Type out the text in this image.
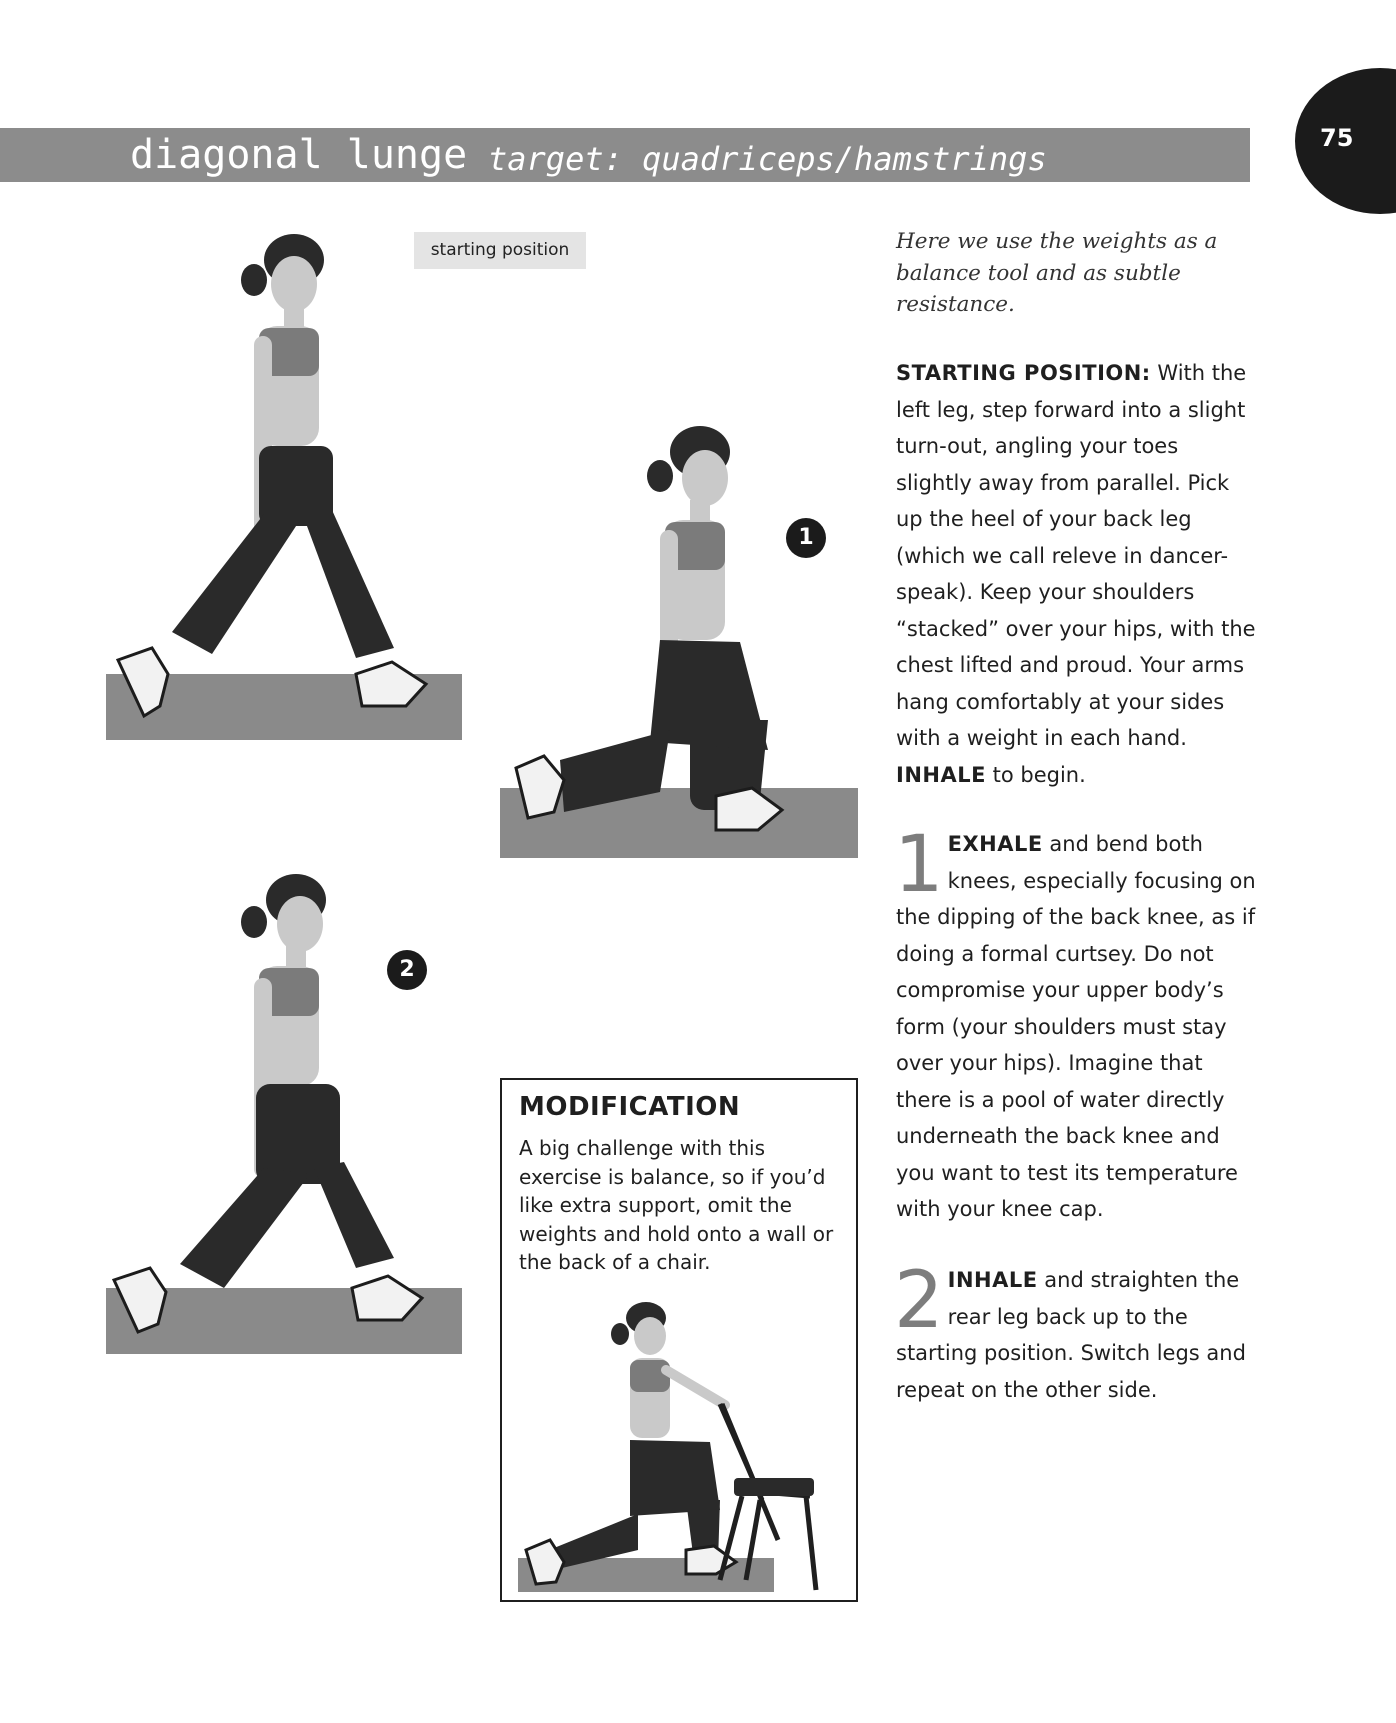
diagonal lunge target: quadriceps/hamstrings
75
starting position
1
2
MODIFICATION
A big challenge with this exercise is balance, so if you’d like extra support, omit the weights and hold onto a wall or the back of a chair.
Here we use the weights as a balance tool and as subtle resistance.
STARTING POSITION: With the left leg, step forward into a slight turn-out, angling your toes slightly away from parallel. Pick up the heel of your back leg (which we call releve in dancer-speak). Keep your shoulders “stacked” over your hips, with the chest lifted and proud. Your arms hang comfortably at your sides with a weight in each hand. INHALE to begin.
1 EXHALE and bend both knees, especially focusing on the dipping of the back knee, as if doing a formal curtsey. Do not compromise your upper body’s form (your shoulders must stay over your hips). Imagine that there is a pool of water directly underneath the back knee and you want to test its temperature with your knee cap.
2 INHALE and straighten the rear leg back up to the starting position. Switch legs and repeat on the other side.
